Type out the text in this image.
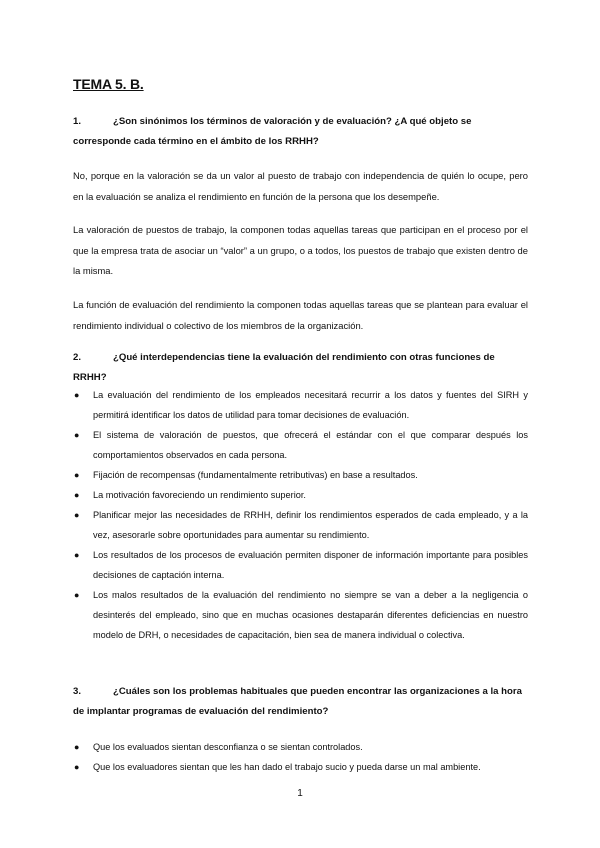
TEMA 5. B.
1.	¿Son sinónimos los términos de valoración y de evaluación? ¿A qué objeto se corresponde cada término en el ámbito de los RRHH?
No, porque en la valoración se da un valor al puesto de trabajo con independencia de quién lo ocupe, pero en la evaluación se analiza el rendimiento en función de la persona que los desempeñe.
La valoración de puestos de trabajo, la componen todas aquellas tareas que participan en el proceso por el que la empresa trata de asociar un “valor” a un grupo, o a todos, los puestos de trabajo que existen dentro de la misma.
La función de evaluación del rendimiento la componen todas aquellas tareas que se plantean para evaluar el rendimiento individual o colectivo de los miembros de la organización.
2.	¿Qué interdependencias tiene la evaluación del rendimiento con otras funciones de RRHH?
● La evaluación del rendimiento de los empleados necesitará recurrir a los datos y fuentes del SIRH y permitirá identificar los datos de utilidad para tomar decisiones de evaluación.
● El sistema de valoración de puestos, que ofrecerá el estándar con el que comparar después los comportamientos observados en cada persona.
● Fijación de recompensas (fundamentalmente retributivas) en base a resultados.
● La motivación favoreciendo un rendimiento superior.
● Planificar mejor las necesidades de RRHH, definir los rendimientos esperados de cada empleado, y a la vez, asesorarle sobre oportunidades para aumentar su rendimiento.
● Los resultados de los procesos de evaluación permiten disponer de información importante para posibles decisiones de captación interna.
● Los malos resultados de la evaluación del rendimiento no siempre se van a deber a la negligencia o desinterés del empleado, sino que en muchas ocasiones destaparán diferentes deficiencias en nuestro modelo de DRH, o necesidades de capacitación, bien sea de manera individual o colectiva.
3.	¿Cuáles son los problemas habituales que pueden encontrar las organizaciones a la hora de implantar programas de evaluación del rendimiento?
● Que los evaluados sientan desconfianza o se sientan controlados.
● Que los evaluadores sientan que les han dado el trabajo sucio y pueda darse un mal ambiente.
1
